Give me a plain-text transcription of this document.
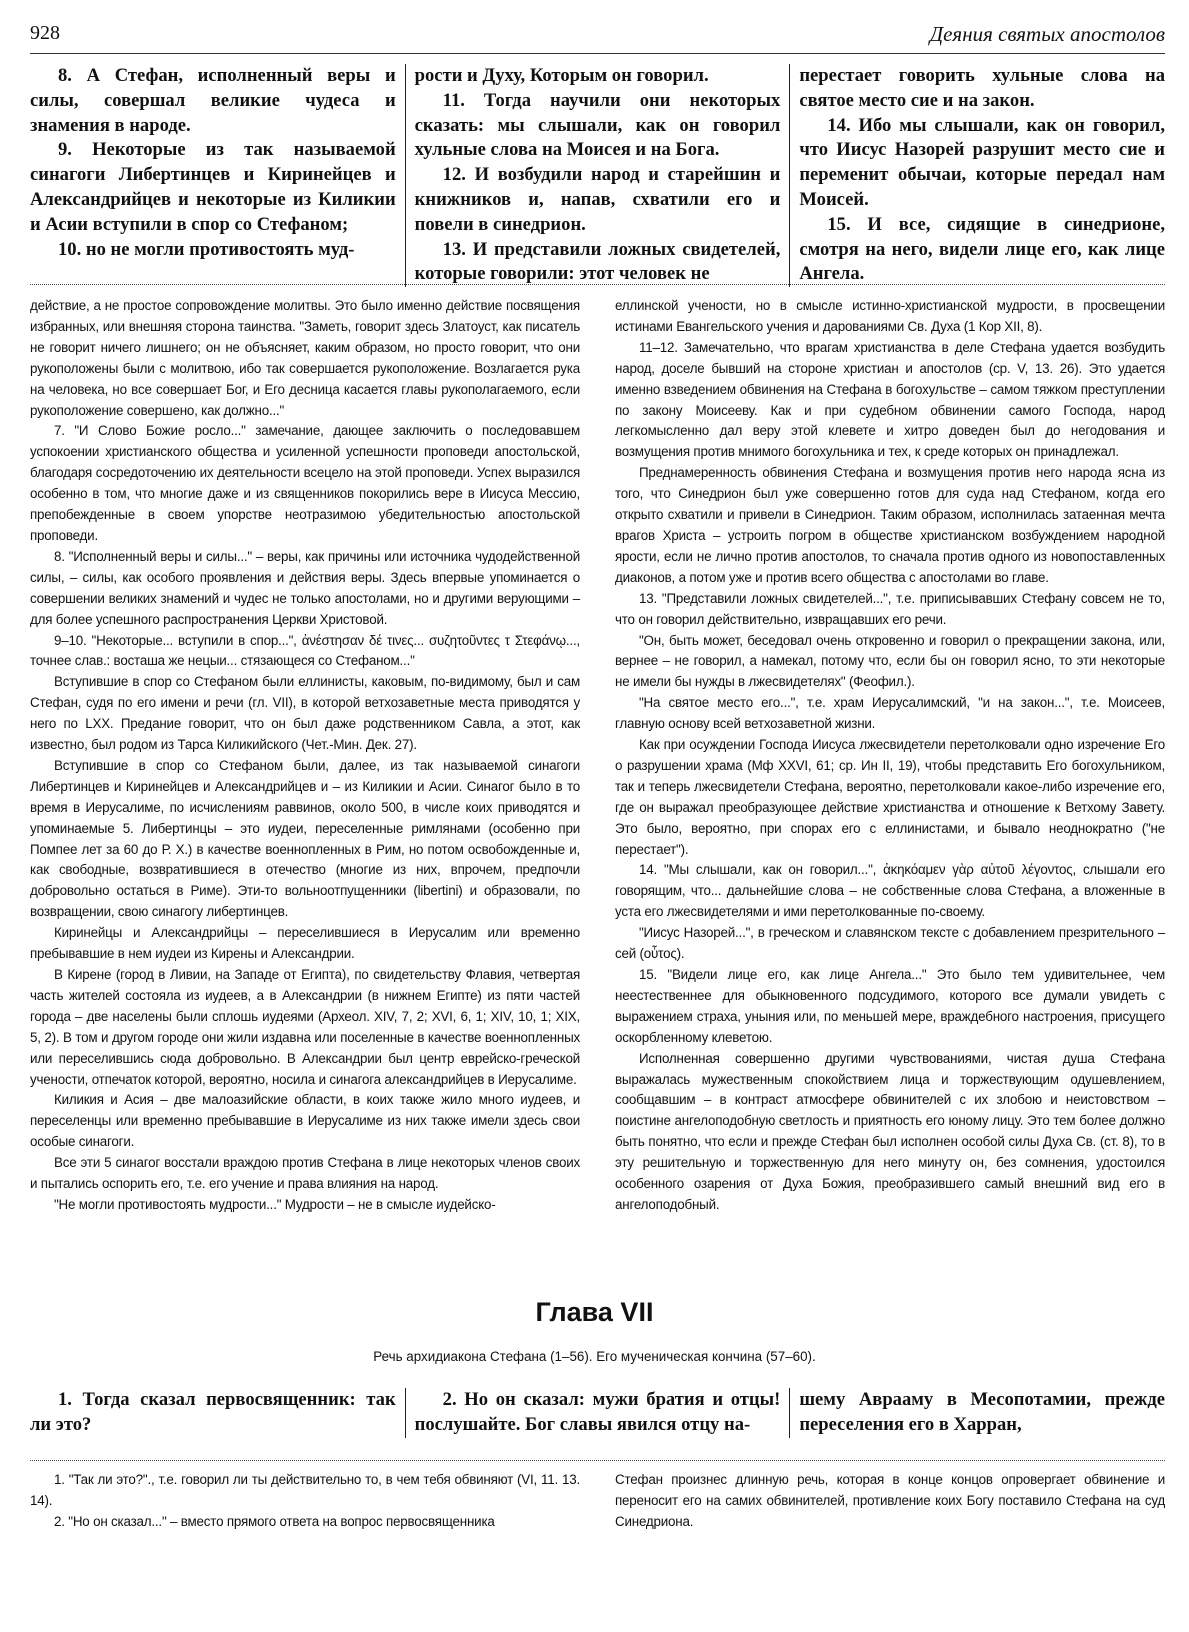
928	Деяния святых апостолов

8. А Стефан, исполненный веры и силы, совершал великие чудеса и знамения в народе.

9. Некоторые из так называемой синагоги Либертинцев и Киринейцев и Александрийцев и некоторые из Киликии и Асии вступили в спор со Стефаном;

10. но не могли противостоять муд-

рости и Духу, Которым он говорил.

11. Тогда научили они некоторых сказать: мы слышали, как он говорил хульные слова на Моисея и на Бога.

12. И возбудили народ и старейшин и книжников и, напав, схватили его и повели в синедрион.

13. И представили ложных свидетелей, которые говорили: этот человек не

перестает говорить хульные слова на святое место сие и на закон.

14. Ибо мы слышали, как он говорил, что Иисус Назорей разрушит место сие и переменит обычаи, которые передал нам Моисей.

15. И все, сидящие в синедрионе, смотря на него, видели лице его, как лице Ангела.

действие, а не простое сопровождение молитвы. Это было именно действие посвящения избранных, или внешняя сторона таинства. "Заметь, говорит здесь Златоуст, как писатель не говорит ничего лишнего; он не объясняет, каким образом, но просто говорит, что они рукоположены были с молитвою, ибо так совершается рукоположение. Возлагается рука на человека, но все совершает Бог, и Его десница касается главы рукополагаемого, если рукоположение совершено, как должно..."

7. "И Слово Божие росло..." замечание, дающее заключить о последовавшем успокоении христианского общества и усиленной успешности проповеди апостольской, благодаря сосредоточению их деятельности всецело на этой проповеди. Успех выразился особенно в том, что многие даже и из священников покорились вере в Иисуса Мессию, препобежденные в своем упорстве неотразимою убедительностью апостольской проповеди.

8. "Исполненный веры и силы..." – веры, как причины или источника чудодейственной силы, – силы, как особого проявления и действия веры. Здесь впервые упоминается о совершении великих знамений и чудес не только апостолами, но и другими верующими – для более успешного распространения Церкви Христовой.

9–10. "Некоторые... вступили в спор...", ἀνέστησαν δέ τινες... συζητοῦντες τ Στεφάνῳ..., точнее слав.: восташа же нецыи... стязающеся со Стефаном..."

Вступившие в спор со Стефаном были еллинисты, каковым, по-видимому, был и сам Стефан, судя по его имени и речи (гл. VII), в которой ветхозаветные места приводятся у него по LXX. Предание говорит, что он был даже родственником Савла, а этот, как известно, был родом из Тарса Киликийского (Чет.-Мин. Дек. 27).

Вступившие в спор со Стефаном были, далее, из так называемой синагоги Либертинцев и Киринейцев и Александрийцев и – из Киликии и Асии. Синагог было в то время в Иерусалиме, по исчислениям раввинов, около 500, в числе коих приводятся и упоминаемые 5. Либертинцы – это иудеи, переселенные римлянами (особенно при Помпее лет за 60 до Р. Х.) в качестве военнопленных в Рим, но потом освобожденные и, как свободные, возвратившиеся в отечество (многие из них, впрочем, предпочли добровольно остаться в Риме). Эти-то вольноотпущенники (libertini) и образовали, по возвращении, свою синагогу либертинцев.

Киринейцы и Александрийцы – переселившиеся в Иерусалим или временно пребывавшие в нем иудеи из Кирены и Александрии.

В Кирене (город в Ливии, на Западе от Египта), по свидетельству Флавия, четвертая часть жителей состояла из иудеев, а в Александрии (в нижнем Египте) из пяти частей города – две населены были сплошь иудеями (Археол. XIV, 7, 2; XVI, 6, 1; XIV, 10, 1; XIX, 5, 2). В том и другом городе они жили издавна или поселенные в качестве военнопленных или переселившись сюда добровольно. В Александрии был центр еврейско-греческой учености, отпечаток которой, вероятно, носила и синагога александрийцев в Иерусалиме.

Киликия и Асия – две малоазийские области, в коих также жило много иудеев, и переселенцы или временно пребывавшие в Иерусалиме из них также имели здесь свои особые синагоги.

Все эти 5 синагог восстали враждою против Стефана в лице некоторых членов своих и пытались оспорить его, т.е. его учение и права влияния на народ.

"Не могли противостоять мудрости..." Мудрости – не в смысле иудейско-

еллинской учености, но в смысле истинно-христианской мудрости, в просвещении истинами Евангельского учения и дарованиями Св. Духа (1 Кор XII, 8).

11–12. Замечательно, что врагам христианства в деле Стефана удается возбудить народ, доселе бывший на стороне христиан и апостолов (ср. V, 13. 26). Это удается именно взведением обвинения на Стефана в богохульстве – самом тяжком преступлении по закону Моисееву. Как и при судебном обвинении самого Господа, народ легкомысленно дал веру этой клевете и хитро доведен был до негодования и возмущения против мнимого богохульника и тех, к среде которых он принадлежал.

Преднамеренность обвинения Стефана и возмущения против него народа ясна из того, что Синедрион был уже совершенно готов для суда над Стефаном, когда его открыто схватили и привели в Синедрион. Таким образом, исполнилась затаенная мечта врагов Христа – устроить погром в обществе христианском возбуждением народной ярости, если не лично против апостолов, то сначала против одного из новопоставленных диаконов, а потом уже и против всего общества с апостолами во главе.

13. "Представили ложных свидетелей...", т.е. приписывавших Стефану совсем не то, что он говорил действительно, извращавших его речи.

"Он, быть может, беседовал очень откровенно и говорил о прекращении закона, или, вернее – не говорил, а намекал, потому что, если бы он говорил ясно, то эти некоторые не имели бы нужды в лжесвидетелях" (Феофил.).

"На святое место его...", т.е. храм Иерусалимский, "и на закон...", т.е. Моисеев, главную основу всей ветхозаветной жизни.

Как при осуждении Господа Иисуса лжесвидетели перетолковали одно изречение Его о разрушении храма (Мф XXVI, 61; ср. Ин II, 19), чтобы представить Его богохульником, так и теперь лжесвидетели Стефана, вероятно, перетолковали какое-либо изречение его, где он выражал преобразующее действие христианства и отношение к Ветхому Завету. Это было, вероятно, при спорах его с еллинистами, и бывало неоднократно ("не перестает").

14. "Мы слышали, как он говорил...", ἀκηκόαμεν γὰρ αὐτοῦ λέγοντος, слышали его говорящим, что... дальнейшие слова – не собственные слова Стефана, а вложенные в уста его лжесвидетелями и ими перетолкованные по-своему.

"Иисус Назорей...", в греческом и славянском тексте с добавлением презрительного – сей (οὗτος).

15. "Видели лице его, как лице Ангела..." Это было тем удивительнее, чем неестественнее для обыкновенного подсудимого, которого все думали увидеть с выражением страха, уныния или, по меньшей мере, враждебного настроения, присущего оскорбленному клеветою.

Исполненная совершенно другими чувствованиями, чистая душа Стефана выражалась мужественным спокойствием лица и торжествующим одушевлением, сообщавшим – в контраст атмосфере обвинителей с их злобою и неистовством – поистине ангелоподобную светлость и приятность его юному лицу. Это тем более должно быть понятно, что если и прежде Стефан был исполнен особой силы Духа Св. (ст. 8), то в эту решительную и торжественную для него минуту он, без сомнения, удостоился особенного озарения от Духа Божия, преобразившего самый внешний вид его в ангелоподобный.

Глава VII
Речь архидиакона Стефана (1–56). Его мученическая кончина (57–60).

1. Тогда сказал первосвященник: так ли это?

2. Но он сказал: мужи братия и отцы! послушайте. Бог славы явился отцу на-

шему Аврааму в Месопотамии, прежде переселения его в Харран,

1. "Так ли это?"., т.е. говорил ли ты действительно то, в чем тебя обвиняют (VI, 11. 13. 14).

2. "Но он сказал..." – вместо прямого ответа на вопрос первосвященника

Стефан произнес длинную речь, которая в конце концов опровергает обвинение и переносит его на самих обвинителей, противление коих Богу поставило Стефана на суд Синедриона.
